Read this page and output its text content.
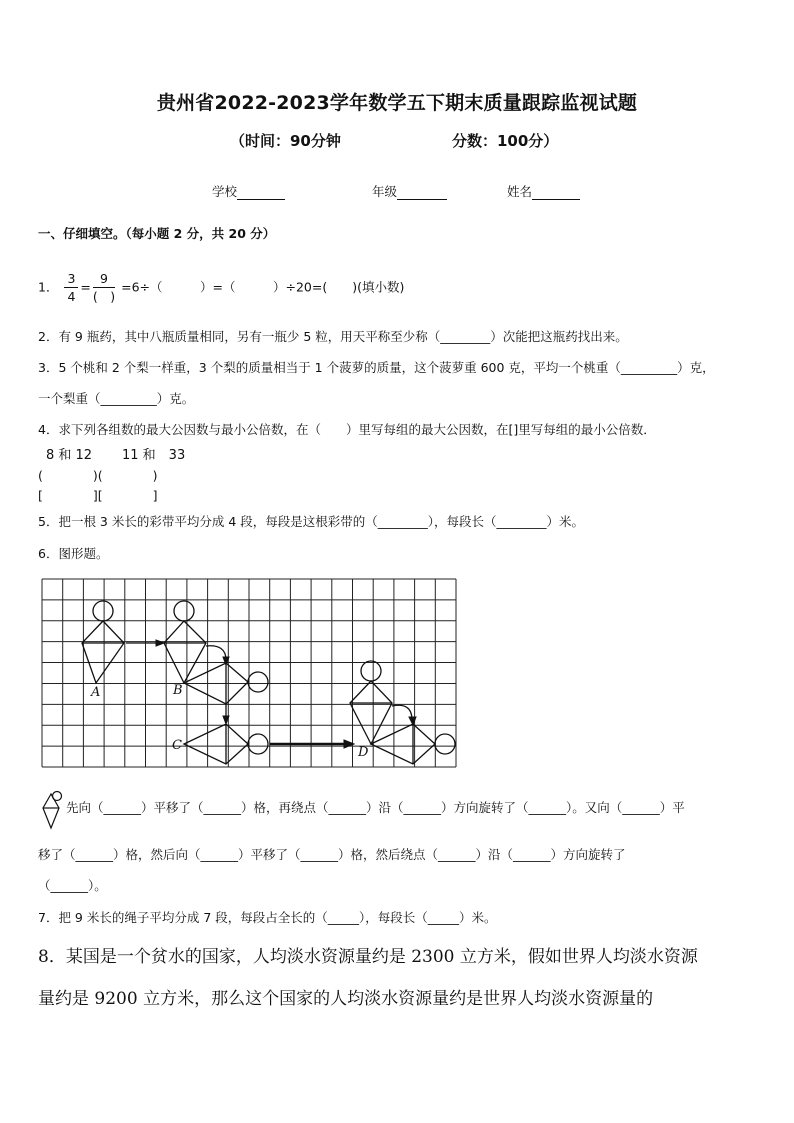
贵州省2022-2023学年数学五下期末质量跟踪监视试题
（时间：90分钟	分数：100分）
学校	年级	姓名
一、仔细填空。（每小题 2 分，共 20 分）
1． $\frac{3}{4} = \frac{9}{( )} =6\div$（　　　）=（　　　）÷20=(　　)(填小数)
2．有 9 瓶药，其中八瓶质量相同，另有一瓶少 5 粒，用天平称至少称（________）次能把这瓶药找出来。
3．5 个桃和 2 个梨一样重，3 个梨的质量相当于 1 个菠萝的质量，这个菠萝重 600 克，平均一个桃重（_________）克，
一个梨重（_________）克。
4．求下列各组数的最大公因数与最小公倍数，在（　　）里写每组的最大公因数，在[]里写每组的最小公倍数．
8 和 12 11 和　33
(　　　　)(　　　　)
[　　　　][　　　　]
5．把一根 3 米长的彩带平均分成 4 段，每段是这根彩带的（________），每段长（________）米。
6．图形题。
A	B
C	D
先向（______）平移了（______）格，再绕点（______）沿（______）方向旋转了（______）。又向（______）平
移了（______）格，然后向（______）平移了（______）格，然后绕点（______）沿（______）方向旋转了
（______）。
7．把 9 米长的绳子平均分成 7 段，每段占全长的（_____），每段长（_____）米。
8．某国是一个贫水的国家，人均淡水资源量约是 2300 立方米，假如世界人均淡水资源
量约是 9200 立方米，那么这个国家的人均淡水资源量约是世界人均淡水资源量的
